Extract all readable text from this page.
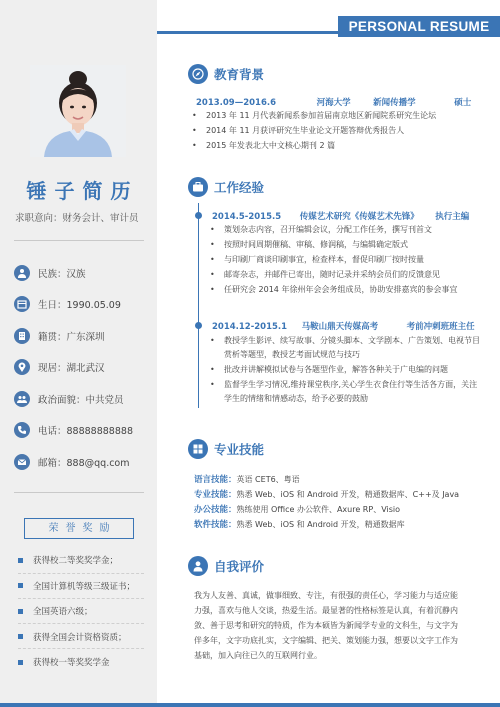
PERSONAL RESUME
锤子简历
求职意向：财务会计、审计员
民族：汉族
生日：1990.05.09
籍贯：广东深圳
现居：湖北武汉
政治面貌：中共党员
电话：88888888888
邮箱：888@qq.com
荣誉奖励
获得校二等奖奖学金；
全国计算机等级三级证书；
全国英语六级；
获得全国会计资格资质；
获得校一等奖奖学金
教育背景
2013.09—2016.6	河海大学	新闻传播学	硕士
•	2013 年 11 月代表新闻系参加首届南京地区新闻院系研究生论坛
•	2014 年 11 月获评研究生毕业论文开题答辩优秀报告人
•	2015 年发表北大中文核心期刊 2 篇
工作经验
2014.5-2015.5 传媒艺术研究《传媒艺术先锋》 执行主编
•	策划杂志内容，召开编辑会议，分配工作任务，撰写刊首文
•	按照时间周期催稿、审稿、修润稿，与编辑确定版式
•	与印刷厂商谈印刷事宜，检查样本，督促印刷厂按时按量
•	邮寄杂志，并邮件已寄出，随时记录并采纳会员们的反馈意见
•	任研究会 2014 年徐州年会会务组成员，协助安排嘉宾的参会事宜
2014.12-2015.1 马鞍山鼎天传媒高考	考前冲刺班班主任
•	教授学生影评、续写故事、分镜头脚本、文学剧本、广告策划、电视节目赏析等题型，教授艺考面试规范与技巧
•	批改并讲解模拟试卷与各题型作业，解答各种关于广电编的问题
•	监督学生学习情况,维持课堂秩序,关心学生衣食住行等生活各方面，关注学生的情绪和情感动态，给予必要的鼓励
专业技能
语言技能：英语 CET6、粤语
专业技能：熟悉 Web、iOS 和 Android 开发，精通数据库、C++及 Java
办公技能：熟练使用 Office 办公软件、Axure RP、Visio
软件技能：熟悉 Web、iOS 和 Android 开发，精通数据库
自我评价
我为人友善、真诚，做事细致、专注，有很强的责任心，学习能力与适应能
力强，喜欢与他人交谈，热爱生活。最显著的性格标签是认真，有着沉静内
敛、善于思考和研究的特质，作为本硕皆为新闻学专业的文科生，与文字为
伴多年，文字功底扎实，文字编辑、把关、策划能力强，想要以文字工作为
基础，加入向往已久的互联网行业。
